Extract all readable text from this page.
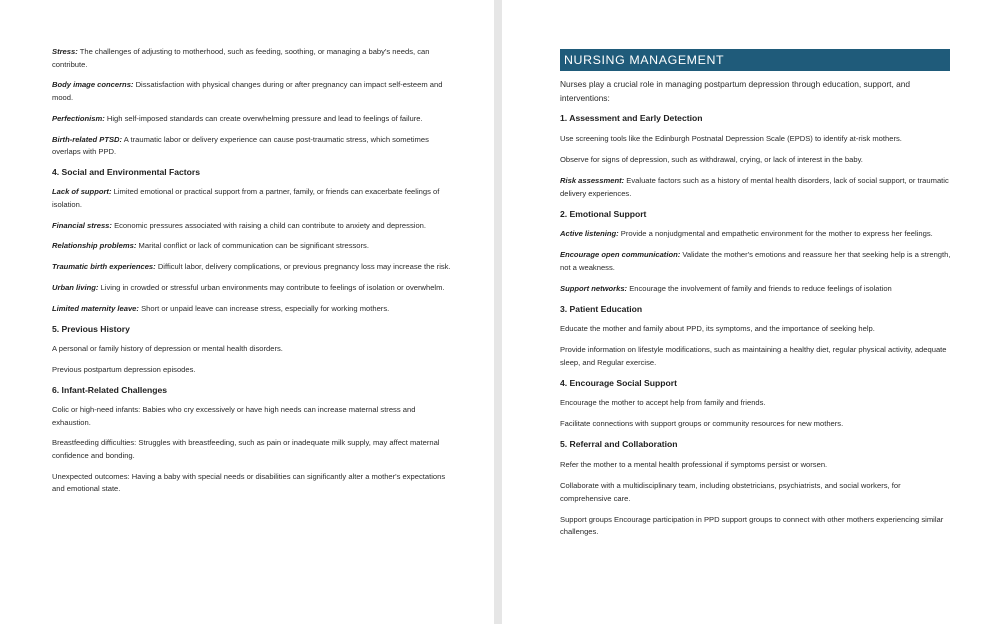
Stress: The challenges of adjusting to motherhood, such as feeding, soothing, or managing a baby's needs, can contribute.

Body image concerns: Dissatisfaction with physical changes during or after pregnancy can impact self-esteem and mood.

Perfectionism: High self-imposed standards can create overwhelming pressure and lead to feelings of failure.

Birth-related PTSD: A traumatic labor or delivery experience can cause post-traumatic stress, which sometimes overlaps with PPD.

4. Social and Environmental Factors

Lack of support: Limited emotional or practical support from a partner, family, or friends can exacerbate feelings of isolation.

Financial stress: Economic pressures associated with raising a child can contribute to anxiety and depression.

Relationship problems: Marital conflict or lack of communication can be significant stressors.

Traumatic birth experiences: Difficult labor, delivery complications, or previous pregnancy loss may increase the risk.

Urban living: Living in crowded or stressful urban environments may contribute to feelings of isolation or overwhelm.

Limited maternity leave: Short or unpaid leave can increase stress, especially for working mothers.

5. Previous History

A personal or family history of depression or mental health disorders.

Previous postpartum depression episodes.

6. Infant-Related Challenges

Colic or high-need infants: Babies who cry excessively or have high needs can increase maternal stress and exhaustion.

Breastfeeding difficulties: Struggles with breastfeeding, such as pain or inadequate milk supply, may affect maternal confidence and bonding.

Unexpected outcomes: Having a baby with special needs or disabilities can significantly alter a mother's expectations and emotional state.

NURSING MANAGEMENT

Nurses play a crucial role in managing postpartum depression through education, support, and interventions:

1. Assessment and Early Detection

Use screening tools like the Edinburgh Postnatal Depression Scale (EPDS) to identify at-risk mothers.

Observe for signs of depression, such as withdrawal, crying, or lack of interest in the baby.

Risk assessment: Evaluate factors such as a history of mental health disorders, lack of social support, or traumatic delivery experiences.

2. Emotional Support

Active listening: Provide a nonjudgmental and empathetic environment for the mother to express her feelings.

Encourage open communication: Validate the mother's emotions and reassure her that seeking help is a strength, not a weakness.

Support networks: Encourage the involvement of family and friends to reduce feelings of isolation

3. Patient Education

Educate the mother and family about PPD, its symptoms, and the importance of seeking help.

Provide information on lifestyle modifications, such as maintaining a healthy diet, regular physical activity, adequate sleep, and Regular exercise.

4. Encourage Social Support

Encourage the mother to accept help from family and friends.

Facilitate connections with support groups or community resources for new mothers.

5. Referral and Collaboration

Refer the mother to a mental health professional if symptoms persist or worsen.

Collaborate with a multidisciplinary team, including obstetricians, psychiatrists, and social workers, for comprehensive care.

Support groups Encourage participation in PPD support groups to connect with other mothers experiencing similar challenges.
